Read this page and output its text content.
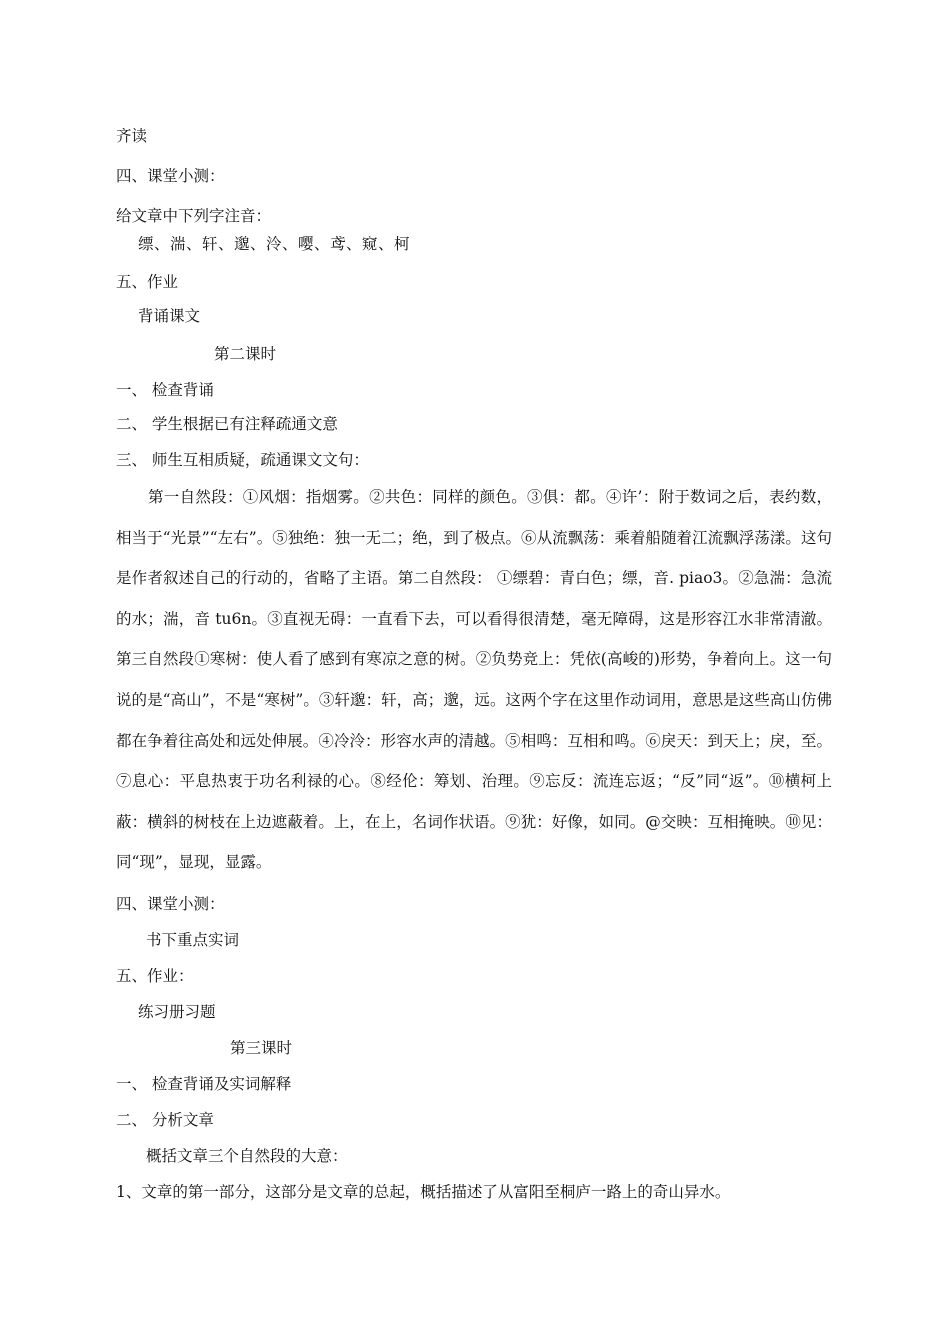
齐读
四、课堂小测：
给文章中下列字注音：
缥、湍、轩、邈、泠、嘤、鸢、窥、柯
五、作业
背诵课文
第二课时
一、 检查背诵
二、 学生根据已有注释疏通文意
三、 师生互相质疑，疏通课文文句：
第一自然段：①风烟：指烟雾。②共色：同样的颜色。③俱：都。④许’：附于数词之后，表约数，相当于“光景”“左右”。⑤独绝：独一无二；绝，到了极点。⑥从流飘荡：乘着船随着江流飘浮荡漾。这句是作者叙述自己的行动的，省略了主语。第二自然段： ①缥碧：青白色；缥，音. piao3。②急湍：急流的水；湍，音 tu6n。③直视无碍：一直看下去，可以看得很清楚，毫无障碍，这是形容江水非常清澈。第三自然段①寒树：使人看了感到有寒凉之意的树。②负势竞上：凭依(高峻的)形势，争着向上。这一句说的是“高山”，不是“寒树”。③轩邈：轩，高；邈，远。这两个字在这里作动词用，意思是这些高山仿佛都在争着往高处和远处伸展。④冷泠：形容水声的清越。⑤相鸣：互相和鸣。⑥戾天：到天上；戾，至。⑦息心：平息热衷于功名利禄的心。⑧经伦：筹划、治理。⑨忘反：流连忘返；“反”同“返”。⑩横柯上蔽：横斜的树枝在上边遮蔽着。上，在上，名词作状语。⑨犹：好像，如同。@交映：互相掩映。⑩见：同“现”，显现，显露。
四、课堂小测：
书下重点实词
五、作业：
练习册习题
第三课时
一、 检查背诵及实词解释
二、 分析文章
概括文章三个自然段的大意：
1、文章的第一部分，这部分是文章的总起，概括描述了从富阳至桐庐一路上的奇山异水。
